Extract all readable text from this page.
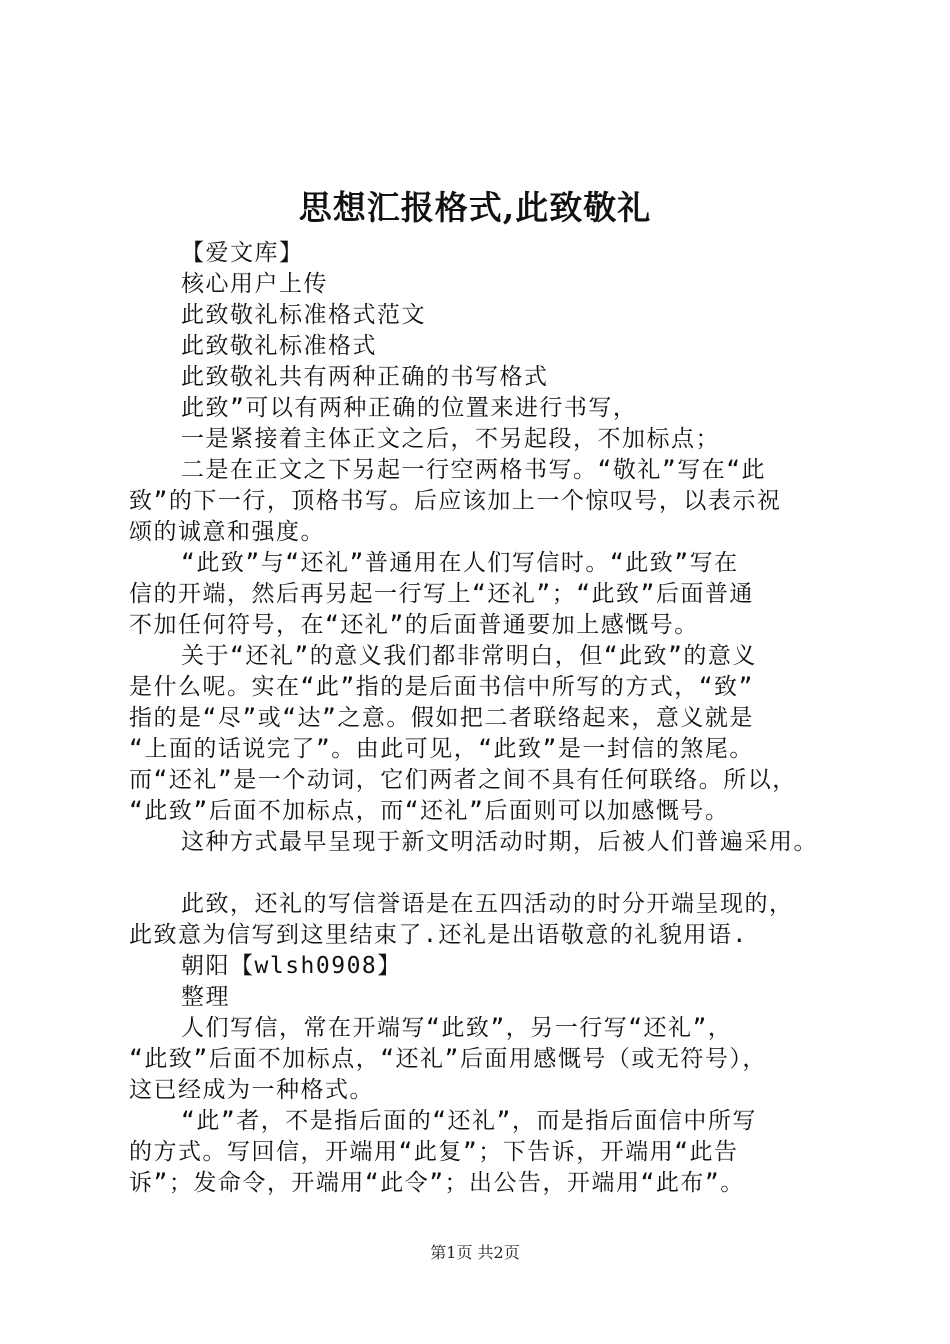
思想汇报格式,此致敬礼

【爱文库】

核心用户上传

此致敬礼标准格式范文

此致敬礼标准格式

此致敬礼共有两种正确的书写格式

此致”可以有两种正确的位置来进行书写，

一是紧接着主体正文之后，不另起段，不加标点；

二是在正文之下另起一行空两格书写。“敬礼”写在“此

致”的下一行，顶格书写。后应该加上一个惊叹号，以表示祝

颂的诚意和强度。

“此致”与“还礼”普通用在人们写信时。“此致”写在

信的开端，然后再另起一行写上“还礼”；“此致”后面普通

不加任何符号，在“还礼”的后面普通要加上感慨号。

关于“还礼”的意义我们都非常明白，但“此致”的意义

是什么呢。实在“此”指的是后面书信中所写的方式，“致”

指的是“尽”或“达”之意。假如把二者联络起来，意义就是

“上面的话说完了”。由此可见，“此致”是一封信的煞尾。

而“还礼”是一个动词，它们两者之间不具有任何联络。所以，

“此致”后面不加标点，而“还礼”后面则可以加感慨号。

这种方式最早呈现于新文明活动时期，后被人们普遍采用。

此致，还礼的写信誉语是在五四活动的时分开端呈现的，

此致意为信写到这里结束了.还礼是出语敬意的礼貌用语.

朝阳【wlsh0908】

整理

人们写信，常在开端写“此致”，另一行写“还礼”，

“此致”后面不加标点，“还礼”后面用感慨号（或无符号），

这已经成为一种格式。

“此”者，不是指后面的“还礼”，而是指后面信中所写

的方式。写回信，开端用“此复”；下告诉，开端用“此告

诉”；发命令，开端用“此令”；出公告，开端用“此布”。

第1页 共2页
